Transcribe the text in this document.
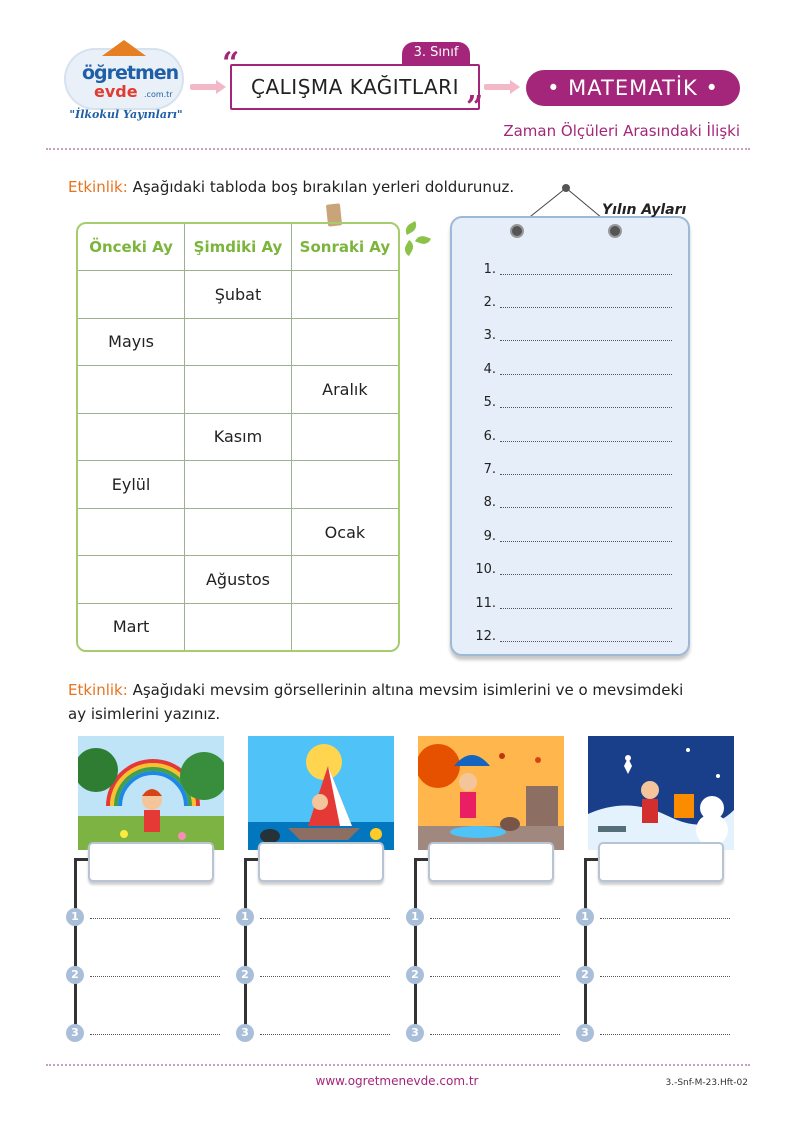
öğretmen
evde .com.tr
"İlkokul Yayınları"
3. Sınıf
“
ÇALIŞMA KAĞITLARI
”
• MATEMATİK •
Zaman Ölçüleri Arasındaki İlişki
Etkinlik: Aşağıdaki tabloda boş bırakılan yerleri doldurunuz.
Önceki Ay	Şimdiki Ay	Sonraki Ay
	Şubat	
Mayıs		
		Aralık
	Kasım	
Eylül		
		Ocak
	Ağustos	
Mart		
Yılın Ayları
1.
2.
3.
4.
5.
6.
7.
8.
9.
10.
11.
12.
Etkinlik: Aşağıdaki mevsim görsellerinin altına mevsim isimlerini ve o mevsimdeki
ay isimlerini yazınız.
1
2
3
1
2
3
1
2
3
1
2
3
www.ogretmenevde.com.tr	3.-Snf-M-23.Hft-02
